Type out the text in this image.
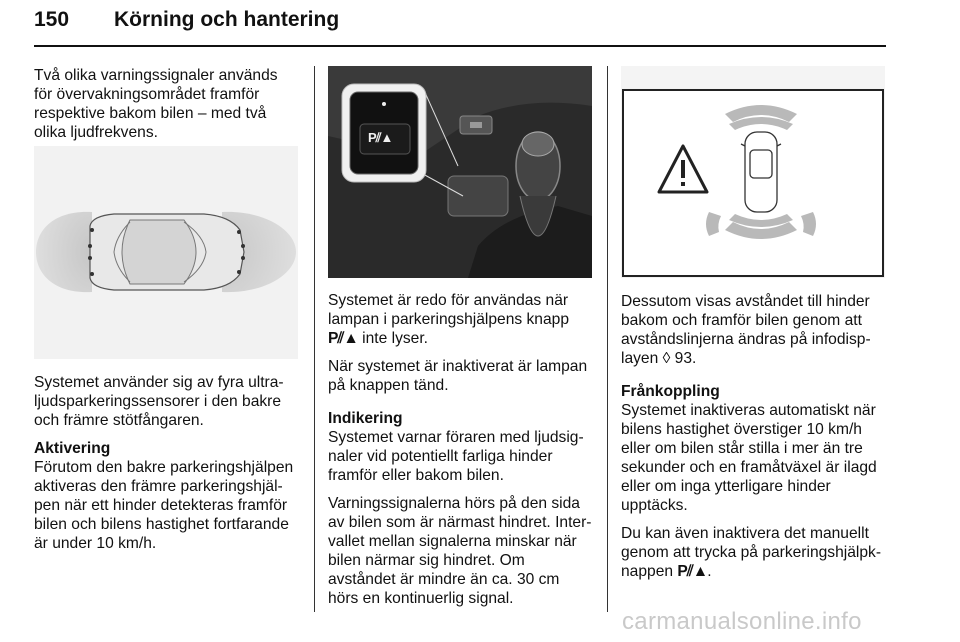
150 Körning och hantering

Två olika varningssignaler används för övervakningsområdet framför respektive bakom bilen – med två olika ljudfrekvens.

Systemet använder sig av fyra ultra-ljudsparkeringssensorer i den bakre och främre stötfångaren.

Aktivering

Förutom den bakre parkeringshjälpen aktiveras den främre parkeringshjäl-pen när ett hinder detekteras framför bilen och bilens hastighet fortfarande är under 10 km/h.

P⫽▲

Systemet är redo för användas när lampan i parkeringshjälpens knapp P⫽▲ inte lyser.

När systemet är inaktiverat är lampan på knappen tänd.

Indikering

Systemet varnar föraren med ljudsig-naler vid potentiellt farliga hinder framför eller bakom bilen.

Varningssignalerna hörs på den sida av bilen som är närmast hindret. Inter-vallet mellan signalerna minskar när bilen närmar sig hindret. Om avståndet är mindre än ca. 30 cm hörs en kontinuerlig signal.

Dessutom visas avståndet till hinder bakom och framför bilen genom att avståndslinjerna ändras på infodisp-layen ◊ 93.

Frånkoppling

Systemet inaktiveras automatiskt när bilens hastighet överstiger 10 km/h eller om bilen står stilla i mer än tre sekunder och en framåtväxel är ilagd eller om inga ytterligare hinder upptäcks.

Du kan även inaktivera det manuellt genom att trycka på parkeringshjälpk-nappen P⫽▲.

carmanualsonline.info
